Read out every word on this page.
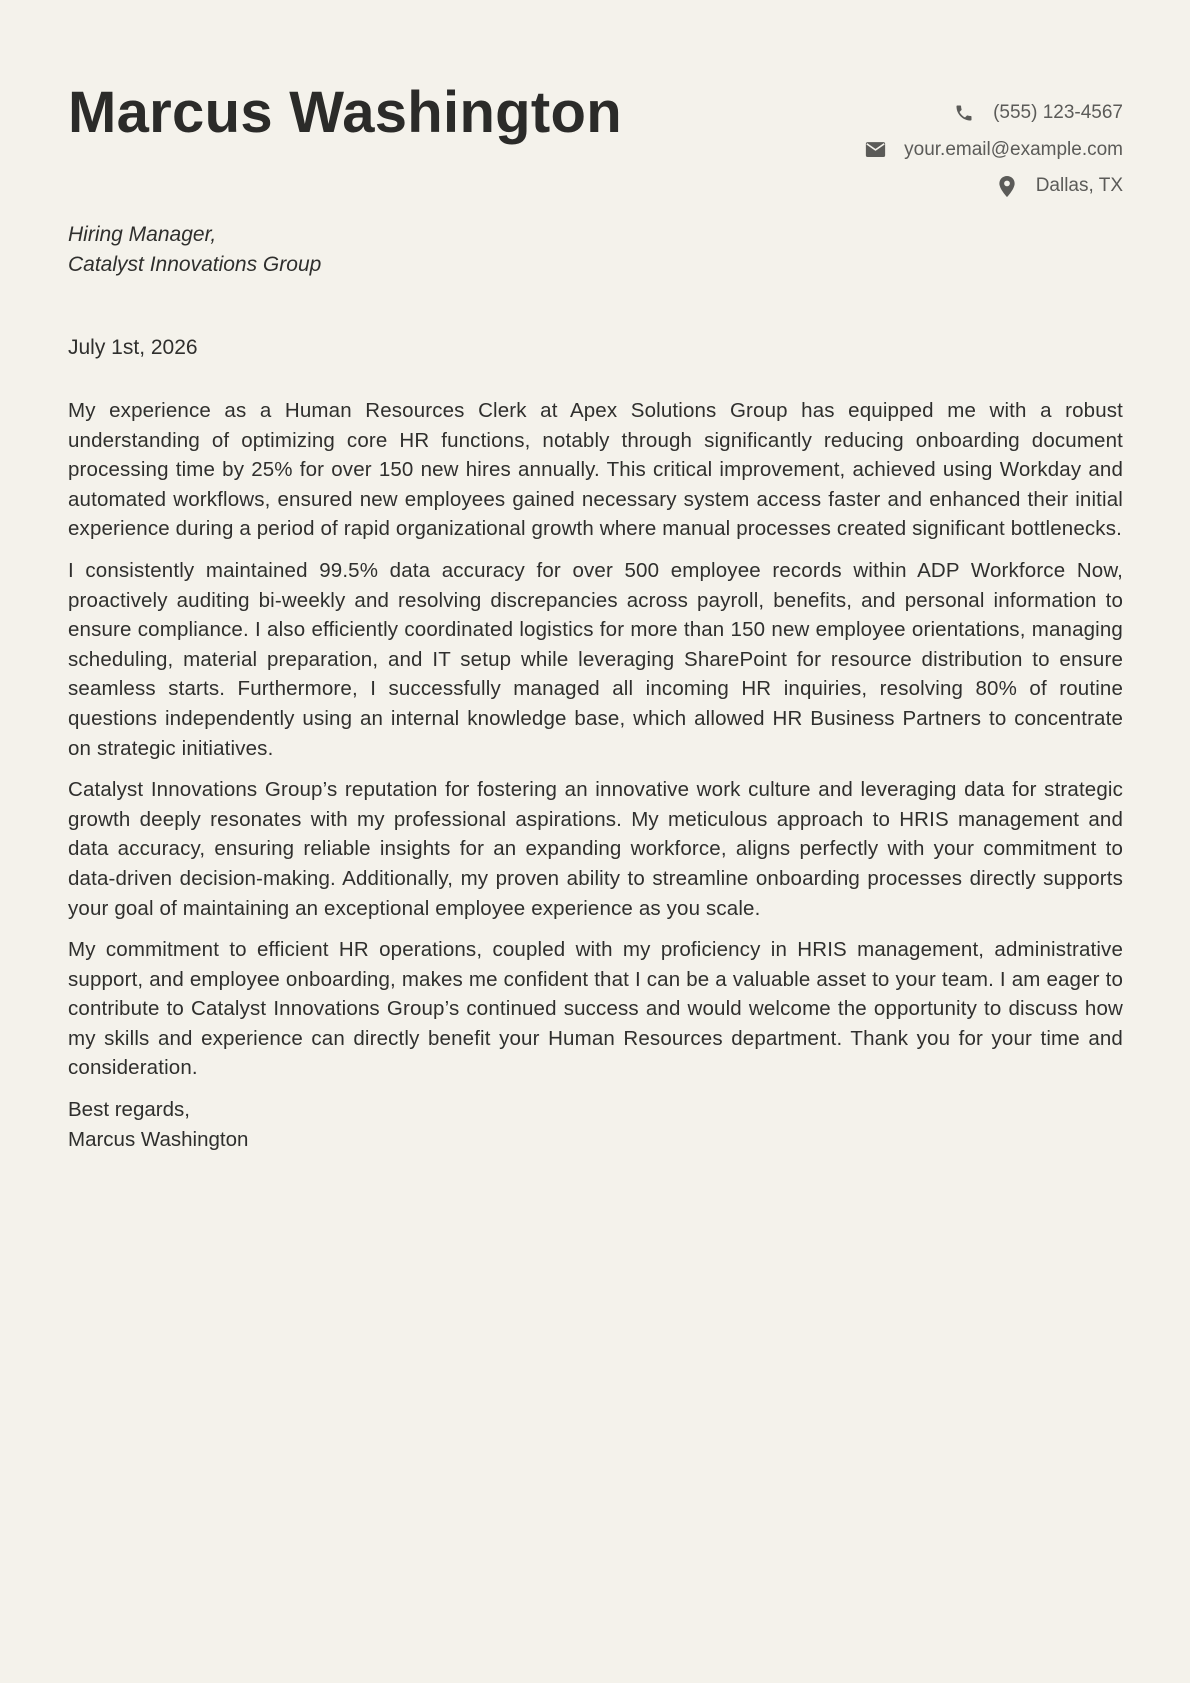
Marcus Washington	(555) 123-4567
your.email@example.com
Dallas, TX
Hiring Manager,
Catalyst Innovations Group
July 1st, 2026

My experience as a Human Resources Clerk at Apex Solutions Group has equipped me with a robust understanding of optimizing core HR functions, notably through significantly reducing onboarding document processing time by 25% for over 150 new hires annually. This critical improvement, achieved using Workday and automated workflows, ensured new employees gained necessary system access faster and enhanced their initial experience during a period of rapid organizational growth where manual processes created significant bottlenecks.

I consistently maintained 99.5% data accuracy for over 500 employee records within ADP Workforce Now, proactively auditing bi-weekly and resolving discrepancies across payroll, benefits, and personal information to ensure compliance. I also efficiently coordinated logistics for more than 150 new employee orientations, managing scheduling, material preparation, and IT setup while leveraging SharePoint for resource distribution to ensure seamless starts. Furthermore, I successfully managed all incoming HR inquiries, resolving 80% of routine questions independently using an internal knowledge base, which allowed HR Business Partners to concentrate on strategic initiatives.

Catalyst Innovations Group’s reputation for fostering an innovative work culture and leveraging data for strategic growth deeply resonates with my professional aspirations. My meticulous approach to HRIS management and data accuracy, ensuring reliable insights for an expanding workforce, aligns perfectly with your commitment to data-driven decision-making. Additionally, my proven ability to streamline onboarding processes directly supports your goal of maintaining an exceptional employee experience as you scale.

My commitment to efficient HR operations, coupled with my proficiency in HRIS management, administrative support, and employee onboarding, makes me confident that I can be a valuable asset to your team. I am eager to contribute to Catalyst Innovations Group’s continued success and would welcome the opportunity to discuss how my skills and experience can directly benefit your Human Resources department. Thank you for your time and consideration.

Best regards,
Marcus Washington
